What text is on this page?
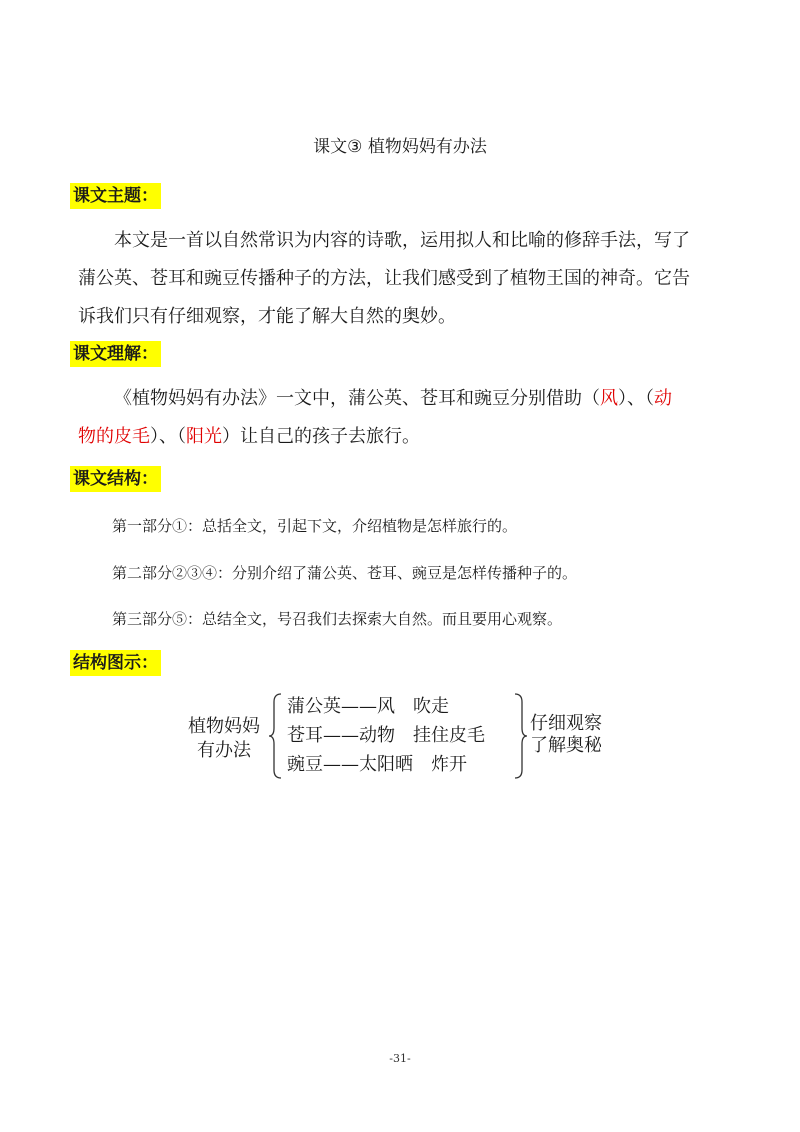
课文③ 植物妈妈有办法
课文主题：
本文是一首以自然常识为内容的诗歌，运用拟人和比喻的修辞手法，写了
蒲公英、苍耳和豌豆传播种子的方法，让我们感受到了植物王国的神奇。它告
诉我们只有仔细观察，才能了解大自然的奥妙。
课文理解：
《植物妈妈有办法》一文中，蒲公英、苍耳和豌豆分别借助（风）、（动
物的皮毛）、（阳光）让自己的孩子去旅行。
课文结构：
第一部分①：总括全文，引起下文，介绍植物是怎样旅行的。
第二部分②③④：分别介绍了蒲公英、苍耳、豌豆是怎样传播种子的。
第三部分⑤：总结全文，号召我们去探索大自然。而且要用心观察。
结构图示：
植物妈妈
有办法
蒲公英——风　吹走
苍耳——动物　挂住皮毛
豌豆——太阳晒　炸开
仔细观察
了解奥秘
-31-
